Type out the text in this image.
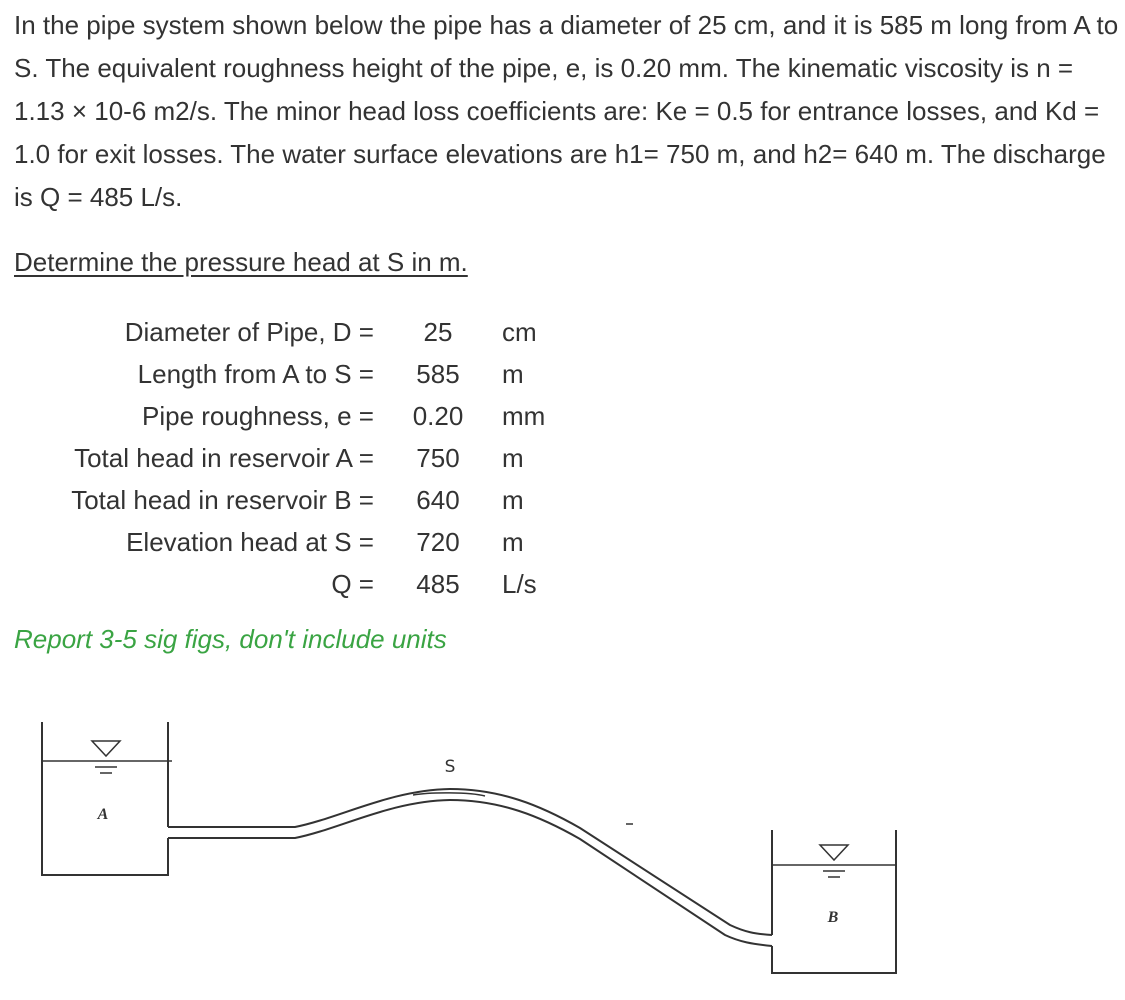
In the pipe system shown below the pipe has a diameter of 25 cm, and it is 585 m long from A to S. The equivalent roughness height of the pipe, e, is 0.20 mm. The kinematic viscosity is n = 1.13 × 10-6 m2/s. The minor head loss coefficients are: Ke = 0.5 for entrance losses, and Kd = 1.0 for exit losses. The water surface elevations are h1= 750 m, and h2= 640 m. The discharge is Q = 485 L/s.

Determine the pressure head at S in m.

Diameter of Pipe, D =	25	cm
Length from A to S =	585	m
Pipe roughness, e =	0.20	mm
Total head in reservoir A =	750	m
Total head in reservoir B =	640	m
Elevation head at S =	720	m
Q =	485	L/s

Report 3-5 sig figs, don't include units

A
S
B
